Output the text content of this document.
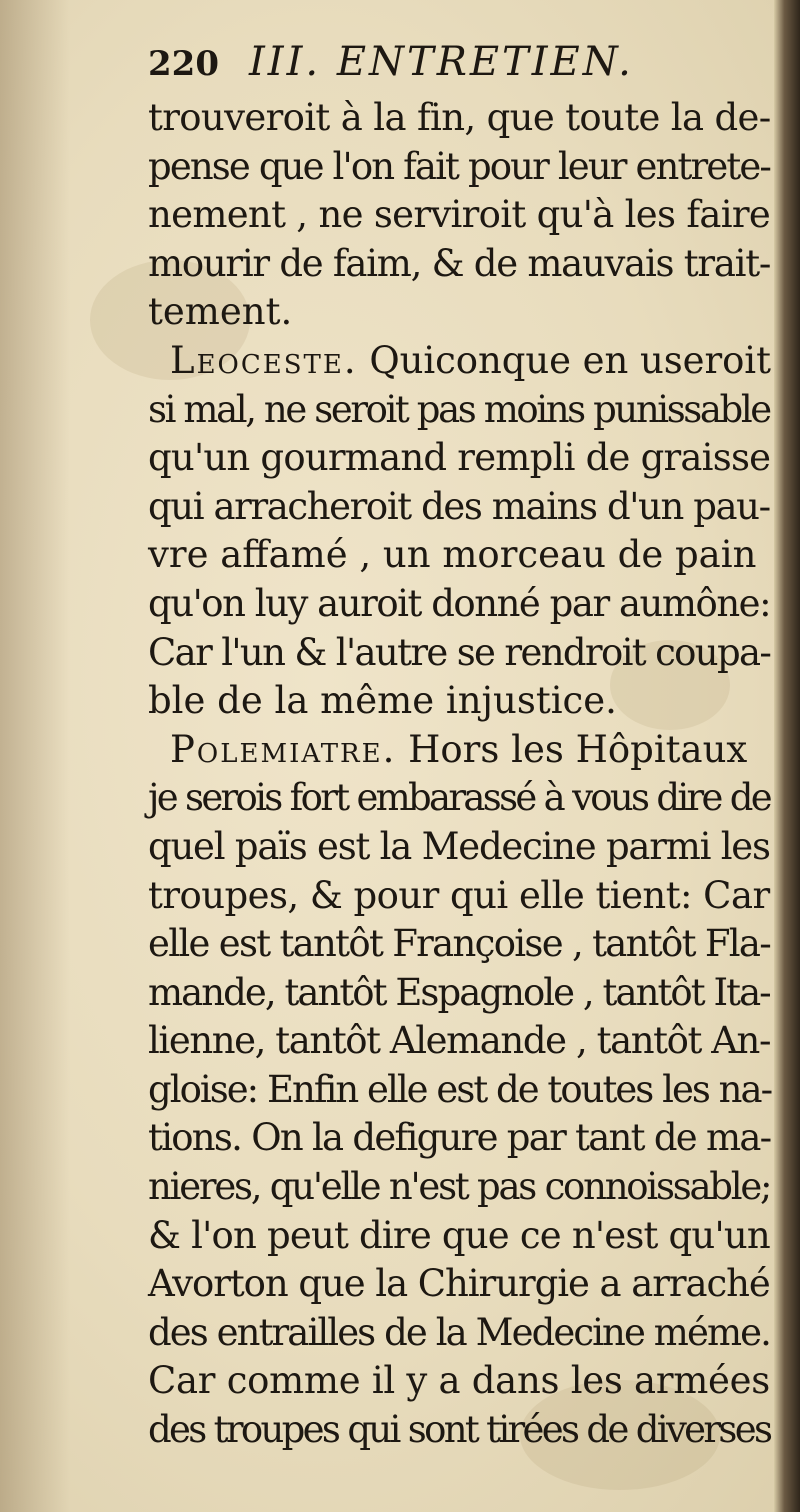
220 III. ENTRETIEN.
trouveroit à la fin, que toute la de-
pense que l'on fait pour leur entrete-
nement , ne serviroit qu'à les faire
mourir de faim, & de mauvais trait-
tement.
Leoceste. Quiconque en useroit
si mal, ne seroit pas moins punissable
qu'un gourmand rempli de graisse
qui arracheroit des mains d'un pau-
vre affamé , un morceau de pain
qu'on luy auroit donné par aumône:
Car l'un & l'autre se rendroit coupa-
ble de la même injustice.
Polemiatre. Hors les Hôpitaux
je serois fort embarassé à vous dire de
quel païs est la Medecine parmi les
troupes, & pour qui elle tient: Car
elle est tantôt Françoise , tantôt Fla-
mande, tantôt Espagnole , tantôt Ita-
lienne, tantôt Alemande , tantôt An-
gloise: Enfin elle est de toutes les na-
tions. On la defigure par tant de ma-
nieres, qu'elle n'est pas connoissable;
& l'on peut dire que ce n'est qu'un
Avorton que la Chirurgie a arraché
des entrailles de la Medecine méme.
Car comme il y a dans les armées
des troupes qui sont tirées de diverses
